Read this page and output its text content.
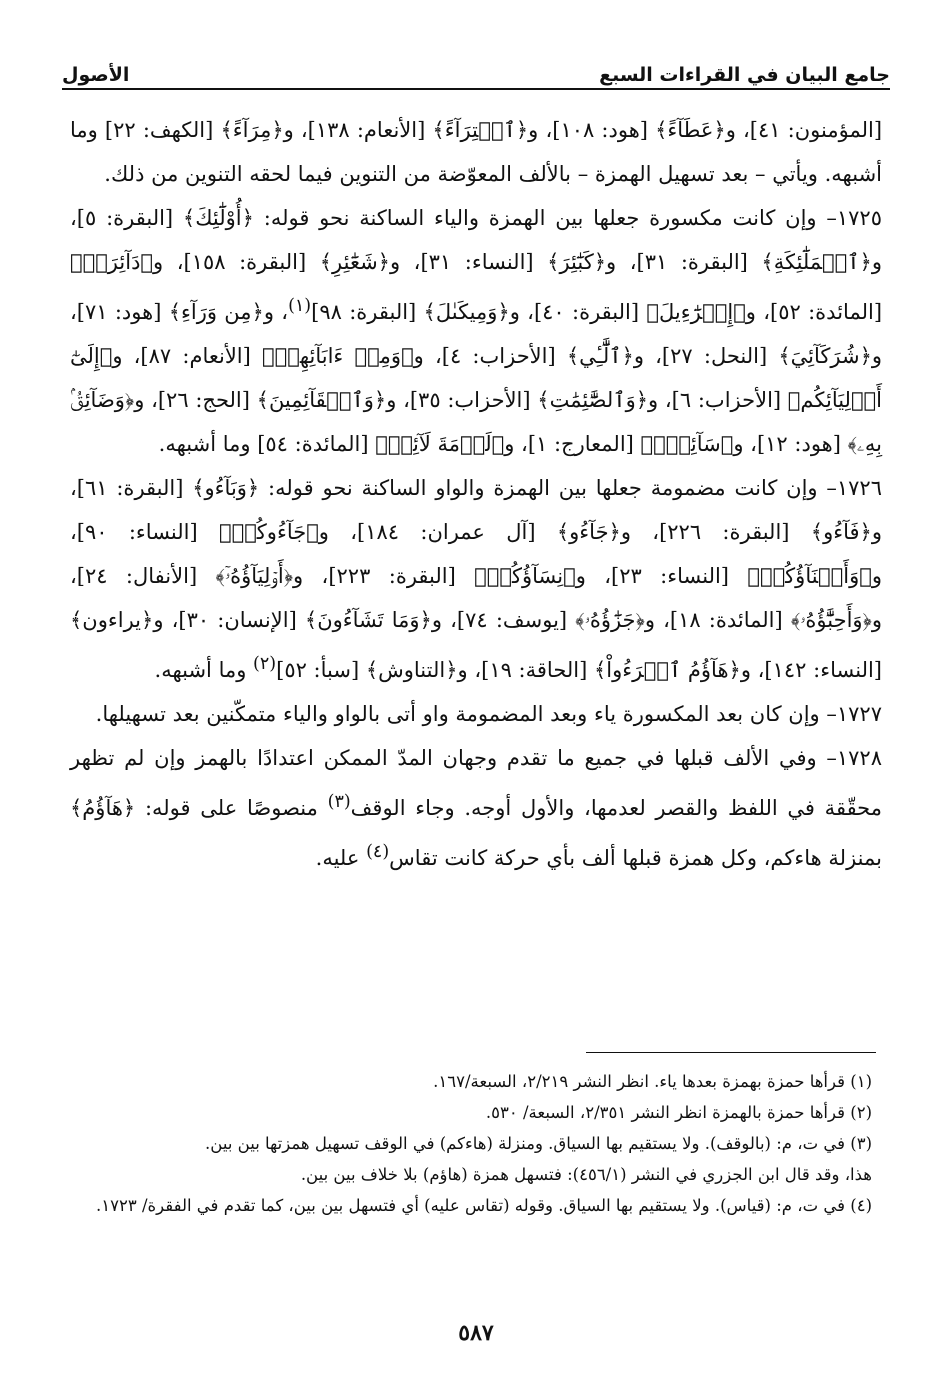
جامع البيان في القراءات السبع
الأصول

[المؤمنون: ٤١]، و﴿عَطَآءً﴾ [هود: ١٠٨]، و﴿ٱفۡتِرَآءً﴾ [الأنعام: ١٣٨]، و﴿مِرَآءً﴾ [الكهف: ٢٢] وما أشبهه. ويأتي – بعد تسهيل الهمزة – بالألف المعوّضة من التنوين فيما لحقه التنوين من ذلك.

١٧٢٥– وإن كانت مكسورة جعلها بين الهمزة والياء الساكنة نحو قوله: ﴿أُوْلَٰٓئِكَ﴾ [البقرة: ٥]، و﴿ٱلۡمَلَٰٓئِكَةِ﴾ [البقرة: ٣١]، و﴿كَبَٰٓئِرَ﴾ [النساء: ٣١]، و﴿شَعَٰٓئِرِ﴾ [البقرة: ١٥٨]، و﴿دَآئِرَةٞ﴾ [المائدة: ٥٢]، و﴿إِسۡرَٰٓءِيلَ﴾ [البقرة: ٤٠]، و﴿وَمِيكَىٰلَ﴾ [البقرة: ٩٨]$^{(١)}$، و﴿مِن وَرَآءِ﴾ [هود: ٧١]، و﴿شُرَكَآئِيَ﴾ [النحل: ٢٧]، و﴿ٱلَّٰٓـِٔي﴾ [الأحزاب: ٤]، و﴿وَمِنۡ ءَابَآئِهِمۡ﴾ [الأنعام: ٨٧]، و﴿إِلَىٰٓ أَوۡلِيَآئِكُم﴾ [الأحزاب: ٦]، و﴿وَٱلصَّٰٓئِمَٰتِ﴾ [الأحزاب: ٣٥]، و﴿وَٱلۡقَآئِمِينَ﴾ [الحج: ٢٦]، و﴿وَضَآئِقُۢ بِهِۦ﴾ [هود: ١٢]، و﴿سَآئِلُۢ﴾ [المعارج: ١]، و﴿لَوۡمَةَ لَآئِمٖ﴾ [المائدة: ٥٤] وما أشبهه.

١٧٢٦– وإن كانت مضمومة جعلها بين الهمزة والواو الساكنة نحو قوله: ﴿وَبَآءُو﴾ [البقرة: ٦١]، و﴿فَآءُو﴾ [البقرة: ٢٢٦]، و﴿جَآءُو﴾ [آل عمران: ١٨٤]، و﴿جَآءُوكُمۡ﴾ [النساء: ٩٠]، و﴿وَأَبۡنَآؤُكُمۡ﴾ [النساء: ٢٣]، و﴿نِسَآؤُكُمۡ﴾ [البقرة: ٢٢٣]، و﴿أَوۡلِيَآؤُهُۥٓ﴾ [الأنفال: ٢٤]، و﴿وَأَحِبَّٰٓؤُهُۥ﴾ [المائدة: ١٨]، و﴿جَزَٰٓؤُهُۥ﴾ [يوسف: ٧٤]، و﴿وَمَا تَشَآءُونَ﴾ [الإنسان: ٣٠]، و﴿يراءون﴾ [النساء: ١٤٢]، و﴿هَآؤُمُ ٱقۡرَءُواْ﴾ [الحاقة: ١٩]، و﴿التناوش﴾ [سبأ: ٥٢]$^{(٢)}$ وما أشبهه.

١٧٢٧– وإن كان بعد المكسورة ياء وبعد المضمومة واو أتى بالواو والياء متمكّنين بعد تسهيلها.

١٧٢٨– وفي الألف قبلها في جميع ما تقدم وجهان المدّ الممكن اعتدادًا بالهمز وإن لم تظهر محقّقة في اللفظ والقصر لعدمها، والأول أوجه. وجاء الوقف$^{(٣)}$ منصوصًا على قوله: ﴿هَآؤُمُ﴾ بمنزلة هاءكم، وكل همزة قبلها ألف بأي حركة كانت تقاس$^{(٤)}$ عليه.

(١) قرأها حمزة بهمزة بعدها ياء. انظر النشر ٢/٢١٩، السبعة/١٦٧.

(٢) قرأها حمزة بالهمزة انظر النشر ٢/٣٥١، السبعة/ ٥٣٠.

(٣) في ت، م: (بالوقف). ولا يستقيم بها السياق. ومنزلة (هاءكم) في الوقف تسهيل همزتها بين بين.

هذا، وقد قال ابن الجزري في النشر (٤٥٦/١): فتسهل همزة (هاؤم) بلا خلاف بين بين.

(٤) في ت، م: (قياس). ولا يستقيم بها السياق. وقوله (تقاس عليه) أي فتسهل بين بين، كما تقدم في الفقرة/ ١٧٢٣.

٥٨٧
